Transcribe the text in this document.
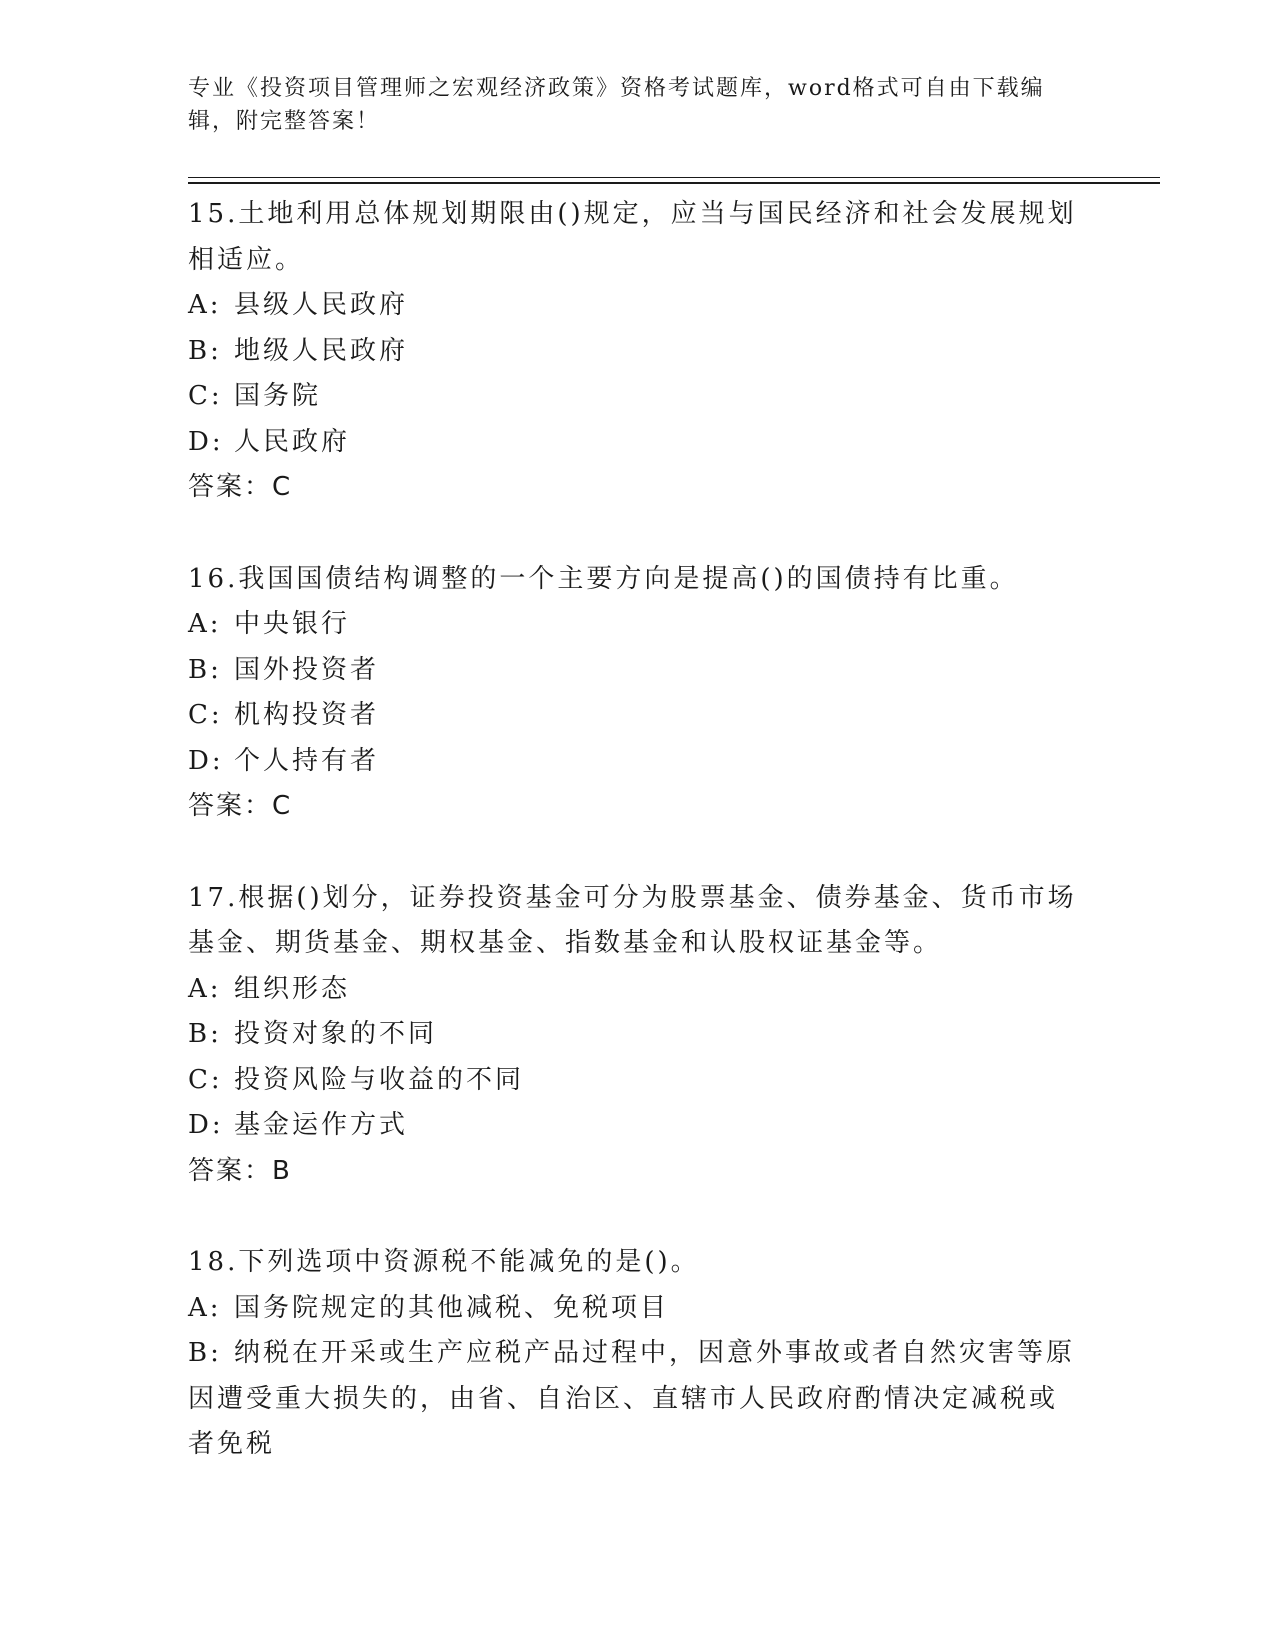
专业《投资项目管理师之宏观经济政策》资格考试题库，word格式可自由下载编辑，附完整答案！

15.土地利用总体规划期限由()规定，应当与国民经济和社会发展规划相适应。

A: 县级人民政府

B: 地级人民政府

C: 国务院

D: 人民政府

答案：C

16.我国国债结构调整的一个主要方向是提高()的国债持有比重。

A: 中央银行

B: 国外投资者

C: 机构投资者

D: 个人持有者

答案：C

17.根据()划分，证券投资基金可分为股票基金、债券基金、货币市场基金、期货基金、期权基金、指数基金和认股权证基金等。

A: 组织形态

B: 投资对象的不同

C: 投资风险与收益的不同

D: 基金运作方式

答案：B

18.下列选项中资源税不能减免的是()。

A: 国务院规定的其他减税、免税项目

B: 纳税在开采或生产应税产品过程中，因意外事故或者自然灾害等原因遭受重大损失的，由省、自治区、直辖市人民政府酌情决定减税或者免税
